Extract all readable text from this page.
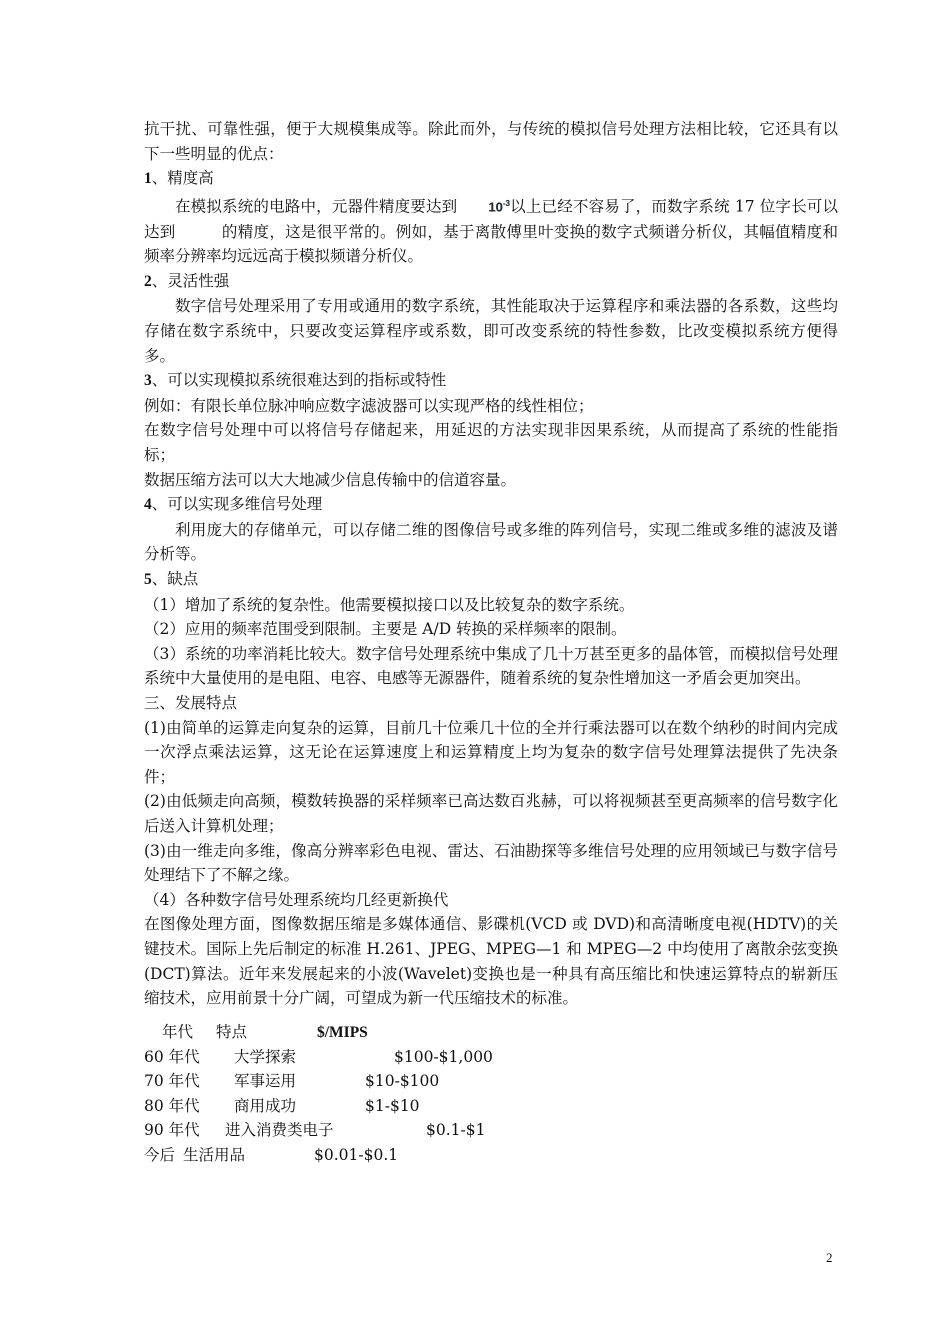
抗干扰、可靠性强，便于大规模集成等。除此而外，与传统的模拟信号处理方法相比较，它还具有以下一些明显的优点：

1、精度高

在模拟系统的电路中，元器件精度要达到 $10^{-3}$以上已经不容易了，而数字系统 17 位字长可以达到	的精度，这是很平常的。例如，基于离散傅里叶变换的数字式频谱分析仪，其幅值精度和频率分辨率均远远高于模拟频谱分析仪。

2、灵活性强

数字信号处理采用了专用或通用的数字系统，其性能取决于运算程序和乘法器的各系数，这些均存储在数字系统中，只要改变运算程序或系数，即可改变系统的特性参数，比改变模拟系统方便得多。

3、可以实现模拟系统很难达到的指标或特性

例如：有限长单位脉冲响应数字滤波器可以实现严格的线性相位；

在数字信号处理中可以将信号存储起来，用延迟的方法实现非因果系统，从而提高了系统的性能指标；

数据压缩方法可以大大地减少信息传输中的信道容量。

4、可以实现多维信号处理

利用庞大的存储单元，可以存储二维的图像信号或多维的阵列信号，实现二维或多维的滤波及谱分析等。

5、缺点

（1）增加了系统的复杂性。他需要模拟接口以及比较复杂的数字系统。

（2）应用的频率范围受到限制。主要是 A/D 转换的采样频率的限制。

（3）系统的功率消耗比较大。数字信号处理系统中集成了几十万甚至更多的晶体管，而模拟信号处理系统中大量使用的是电阻、电容、电感等无源器件，随着系统的复杂性增加这一矛盾会更加突出。

三、发展特点

(1)由简单的运算走向复杂的运算，目前几十位乘几十位的全并行乘法器可以在数个纳秒的时间内完成一次浮点乘法运算，这无论在运算速度上和运算精度上均为复杂的数字信号处理算法提供了先决条件；

(2)由低频走向高频，模数转换器的采样频率已高达数百兆赫，可以将视频甚至更高频率的信号数字化后送入计算机处理；

(3)由一维走向多维，像高分辨率彩色电视、雷达、石油勘探等多维信号处理的应用领域已与数字信号处理结下了不解之缘。

（4）各种数字信号处理系统均几经更新换代

在图像处理方面，图像数据压缩是多媒体通信、影碟机(VCD 或 DVD)和高清晰度电视(HDTV)的关键技术。国际上先后制定的标准 H.261、JPEG、MPEG—1 和 MPEG—2 中均使用了离散余弦变换(DCT)算法。近年来发展起来的小波(Wavelet)变换也是一种具有高压缩比和快速运算特点的崭新压缩技术，应用前景十分广阔，可望成为新一代压缩技术的标准。

年代 特点	$/MIPS
60 年代 大学探索	$100-$1,000
70 年代 军事运用	$10-$100
80 年代 商用成功	$1-$10
90 年代 进入消费类电子	$0.1-$1
今后 生活用品	$0.01-$0.1
2
